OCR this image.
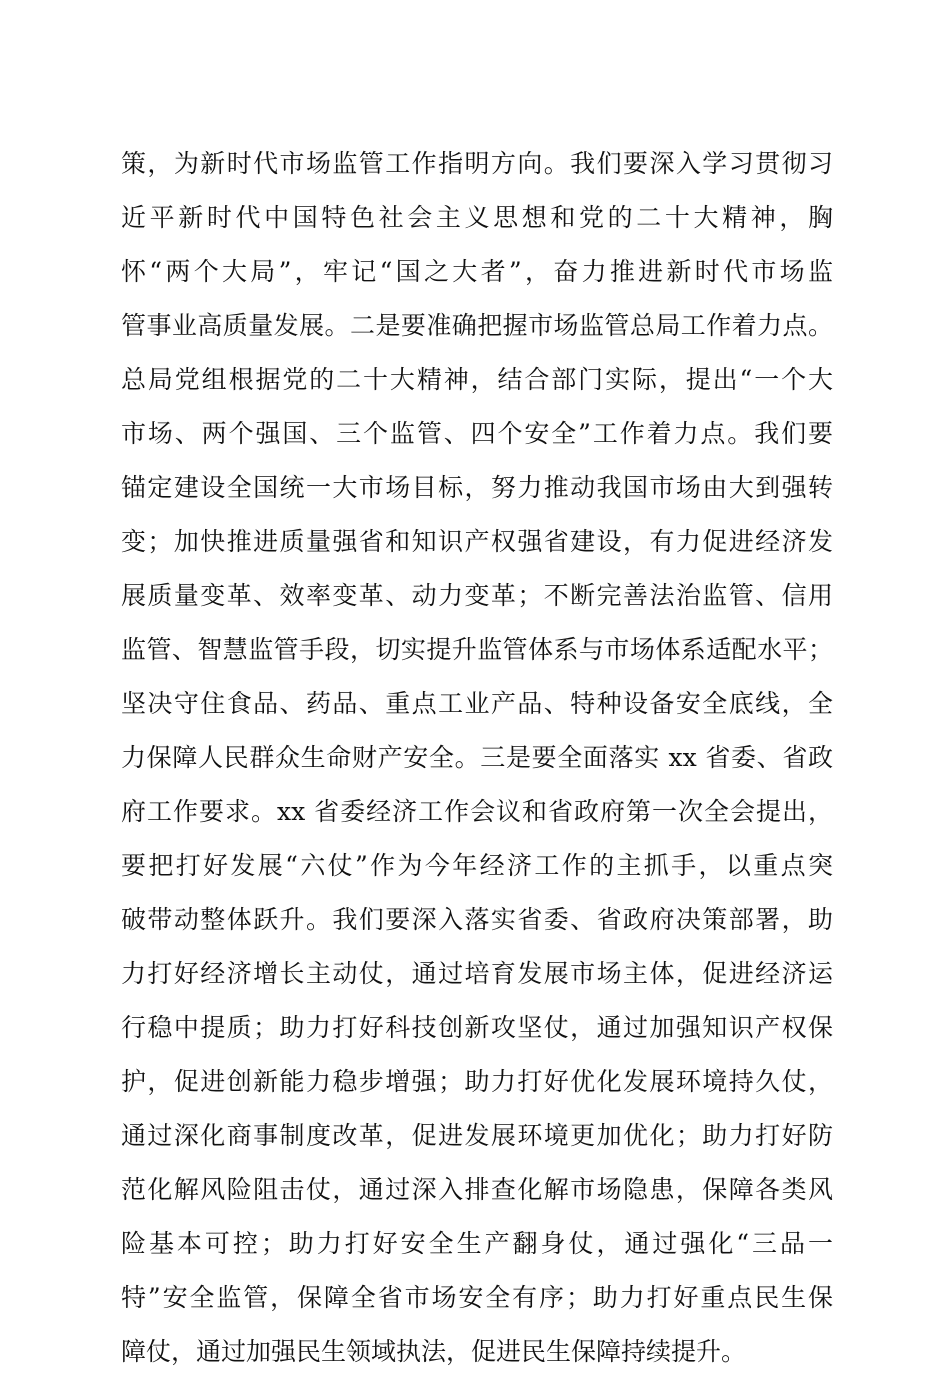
策，为新时代市场监管工作指明方向。我们要深入学习贯彻习
近平新时代中国特色社会主义思想和党的二十大精神，胸
怀“两个大局”，牢记“国之大者”，奋力推进新时代市场监
管事业高质量发展。二是要准确把握市场监管总局工作着力点。
总局党组根据党的二十大精神，结合部门实际，提出“一个大
市场、两个强国、三个监管、四个安全”工作着力点。我们要
锚定建设全国统一大市场目标，努力推动我国市场由大到强转
变；加快推进质量强省和知识产权强省建设，有力促进经济发
展质量变革、效率变革、动力变革；不断完善法治监管、信用
监管、智慧监管手段，切实提升监管体系与市场体系适配水平；
坚决守住食品、药品、重点工业产品、特种设备安全底线，全
力保障人民群众生命财产安全。三是要全面落实 xx 省委、省政
府工作要求。xx 省委经济工作会议和省政府第一次全会提出，
要把打好发展“六仗”作为今年经济工作的主抓手，以重点突
破带动整体跃升。我们要深入落实省委、省政府决策部署，助
力打好经济增长主动仗，通过培育发展市场主体，促进经济运
行稳中提质；助力打好科技创新攻坚仗，通过加强知识产权保
护，促进创新能力稳步增强；助力打好优化发展环境持久仗，
通过深化商事制度改革，促进发展环境更加优化；助力打好防
范化解风险阻击仗，通过深入排查化解市场隐患，保障各类风
险基本可控；助力打好安全生产翻身仗，通过强化“三品一
特”安全监管，保障全省市场安全有序；助力打好重点民生保
障仗，通过加强民生领域执法，促进民生保障持续提升。
